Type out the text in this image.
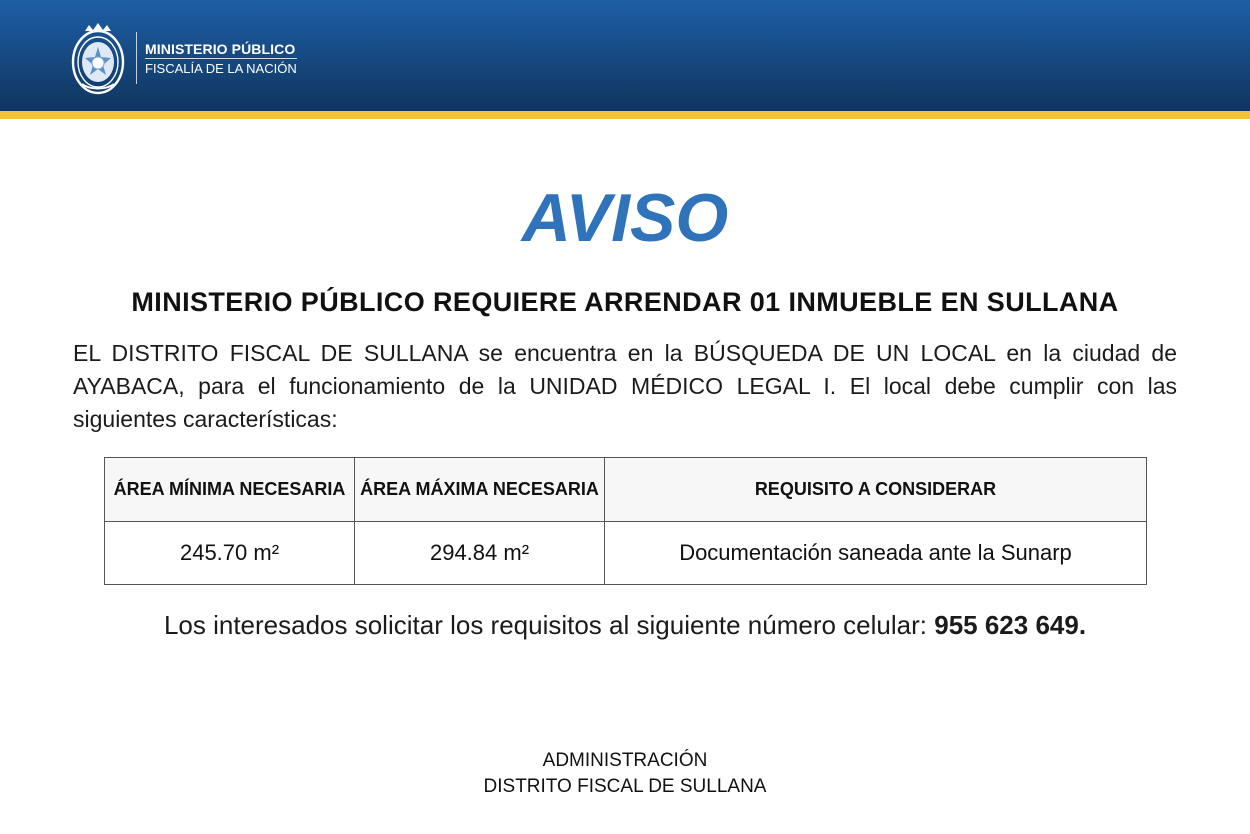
MINISTERIO PÚBLICO
FISCALÍA DE LA NACIÓN
AVISO
MINISTERIO PÚBLICO REQUIERE ARRENDAR 01 INMUEBLE EN SULLANA
EL DISTRITO FISCAL DE SULLANA se encuentra en la BÚSQUEDA DE UN LOCAL en la ciudad de AYABACA, para el funcionamiento de la UNIDAD MÉDICO LEGAL I. El local debe cumplir con las siguientes características:
ÁREA MÍNIMA NECESARIA	ÁREA MÁXIMA NECESARIA	REQUISITO A CONSIDERAR
245.70 m²	294.84 m²	Documentación saneada ante la Sunarp
Los interesados solicitar los requisitos al siguiente número celular: 955 623 649.
ADMINISTRACIÓN
DISTRITO FISCAL DE SULLANA
